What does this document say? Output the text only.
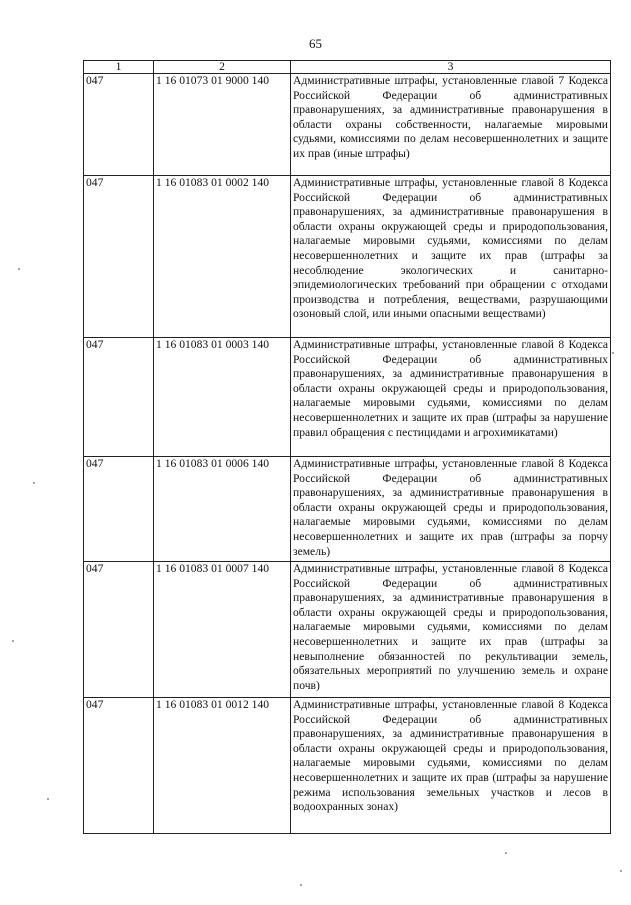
65
1	2	3
047	1 16 01073 01 9000 140	Административные штрафы, установленные главой 7 Кодекса Российской Федерации об административных правонарушениях, за административные правонарушения в области охраны собственности, налагаемые мировыми судьями, комиссиями по делам несовершеннолетних и защите их прав (иные штрафы)
047	1 16 01083 01 0002 140	Административные штрафы, установленные главой 8 Кодекса Российской Федерации об административных правонарушениях, за административные правонарушения в области охраны окружающей среды и природопользования, налагаемые мировыми судьями, комиссиями по делам несовершеннолетних и защите их прав (штрафы за несоблюдение экологических и санитарно-эпидемиологических требований при обращении с отходами производства и потребления, веществами, разрушающими озоновый слой, или иными опасными веществами)
047	1 16 01083 01 0003 140	Административные штрафы, установленные главой 8 Кодекса Российской Федерации об административных правонарушениях, за административные правонарушения в области охраны окружающей среды и природопользования, налагаемые мировыми судьями, комиссиями по делам несовершеннолетних и защите их прав (штрафы за нарушение правил обращения с пестицидами и агрохимикатами)
047	1 16 01083 01 0006 140	Административные штрафы, установленные главой 8 Кодекса Российской Федерации об административных правонарушениях, за административные правонарушения в области охраны окружающей среды и природопользования, налагаемые мировыми судьями, комиссиями по делам несовершеннолетних и защите их прав (штрафы за порчу земель)
047	1 16 01083 01 0007 140	Административные штрафы, установленные главой 8 Кодекса Российской Федерации об административных правонарушениях, за административные правонарушения в области охраны окружающей среды и природопользования, налагаемые мировыми судьями, комиссиями по делам несовершеннолетних и защите их прав (штрафы за невыполнение обязанностей по рекультивации земель, обязательных мероприятий по улучшению земель и охране почв)
047	1 16 01083 01 0012 140	Административные штрафы, установленные главой 8 Кодекса Российской Федерации об административных правонарушениях, за административные правонарушения в области охраны окружающей среды и природопользования, налагаемые мировыми судьями, комиссиями по делам несовершеннолетних и защите их прав (штрафы за нарушение режима использования земельных участков и лесов в водоохранных зонах)
